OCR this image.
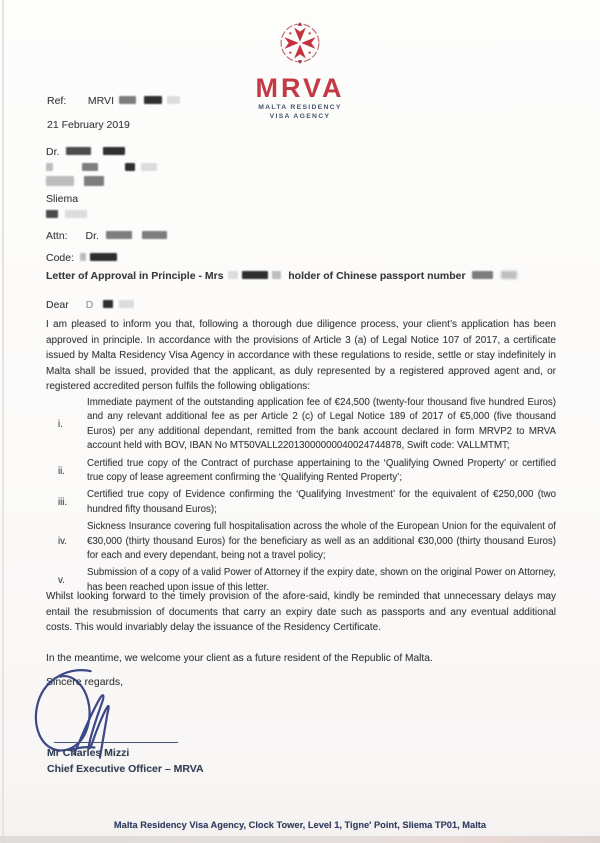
MRVA
MALTA RESIDENCY
VISA AGENCY
Ref: MRVI
21 February 2019
Dr.

Sliema

Attn: Dr.
Code:
Letter of Approval in Principle - Mrs	holder of Chinese passport number
Dear D
I am pleased to inform you that, following a thorough due diligence process, your client’s application has been approved in principle. In accordance with the provisions of Article 3 (a) of Legal Notice 107 of 2017, a certificate issued by Malta Residency Visa Agency in accordance with these regulations to reside, settle or stay indefinitely in Malta shall be issued, provided that the applicant, as duly represented by a registered approved agent and, or registered accredited person fulfils the following obligations:
i.
Immediate payment of the outstanding application fee of €24,500 (twenty-four thousand five hundred Euros) and any relevant additional fee as per Article 2 (c) of Legal Notice 189 of 2017 of €5,000 (five thousand Euros) per any additional dependant, remitted from the bank account declared in form MRVP2 to MRVA account held with BOV, IBAN No MT50VALL22013000000040024744878, Swift code: VALLMTMT;
ii.
Certified true copy of the Contract of purchase appertaining to the ‘Qualifying Owned Property’ or certified true copy of lease agreement confirming the ‘Qualifying Rented Property’;
iii.
Certified true copy of Evidence confirming the ‘Qualifying Investment’ for the equivalent of €250,000 (two hundred fifty thousand Euros);
iv.
Sickness Insurance covering full hospitalisation across the whole of the European Union for the equivalent of €30,000 (thirty thousand Euros) for the beneficiary as well as an additional €30,000 (thirty thousand Euros) for each and every dependant, being not a travel policy;
v.
Submission of a copy of a valid Power of Attorney if the expiry date, shown on the original Power on Attorney, has been reached upon issue of this letter.
Whilst looking forward to the timely provision of the afore-said, kindly be reminded that unnecessary delays may entail the resubmission of documents that carry an expiry date such as passports and any eventual additional costs. This would invariably delay the issuance of the Residency Certificate.
In the meantime, we welcome your client as a future resident of the Republic of Malta.
Sincere regards,
Mr Charles Mizzi
Chief Executive Officer – MRVA
Malta Residency Visa Agency, Clock Tower, Level 1, Tigne' Point, Sliema TP01, Malta
